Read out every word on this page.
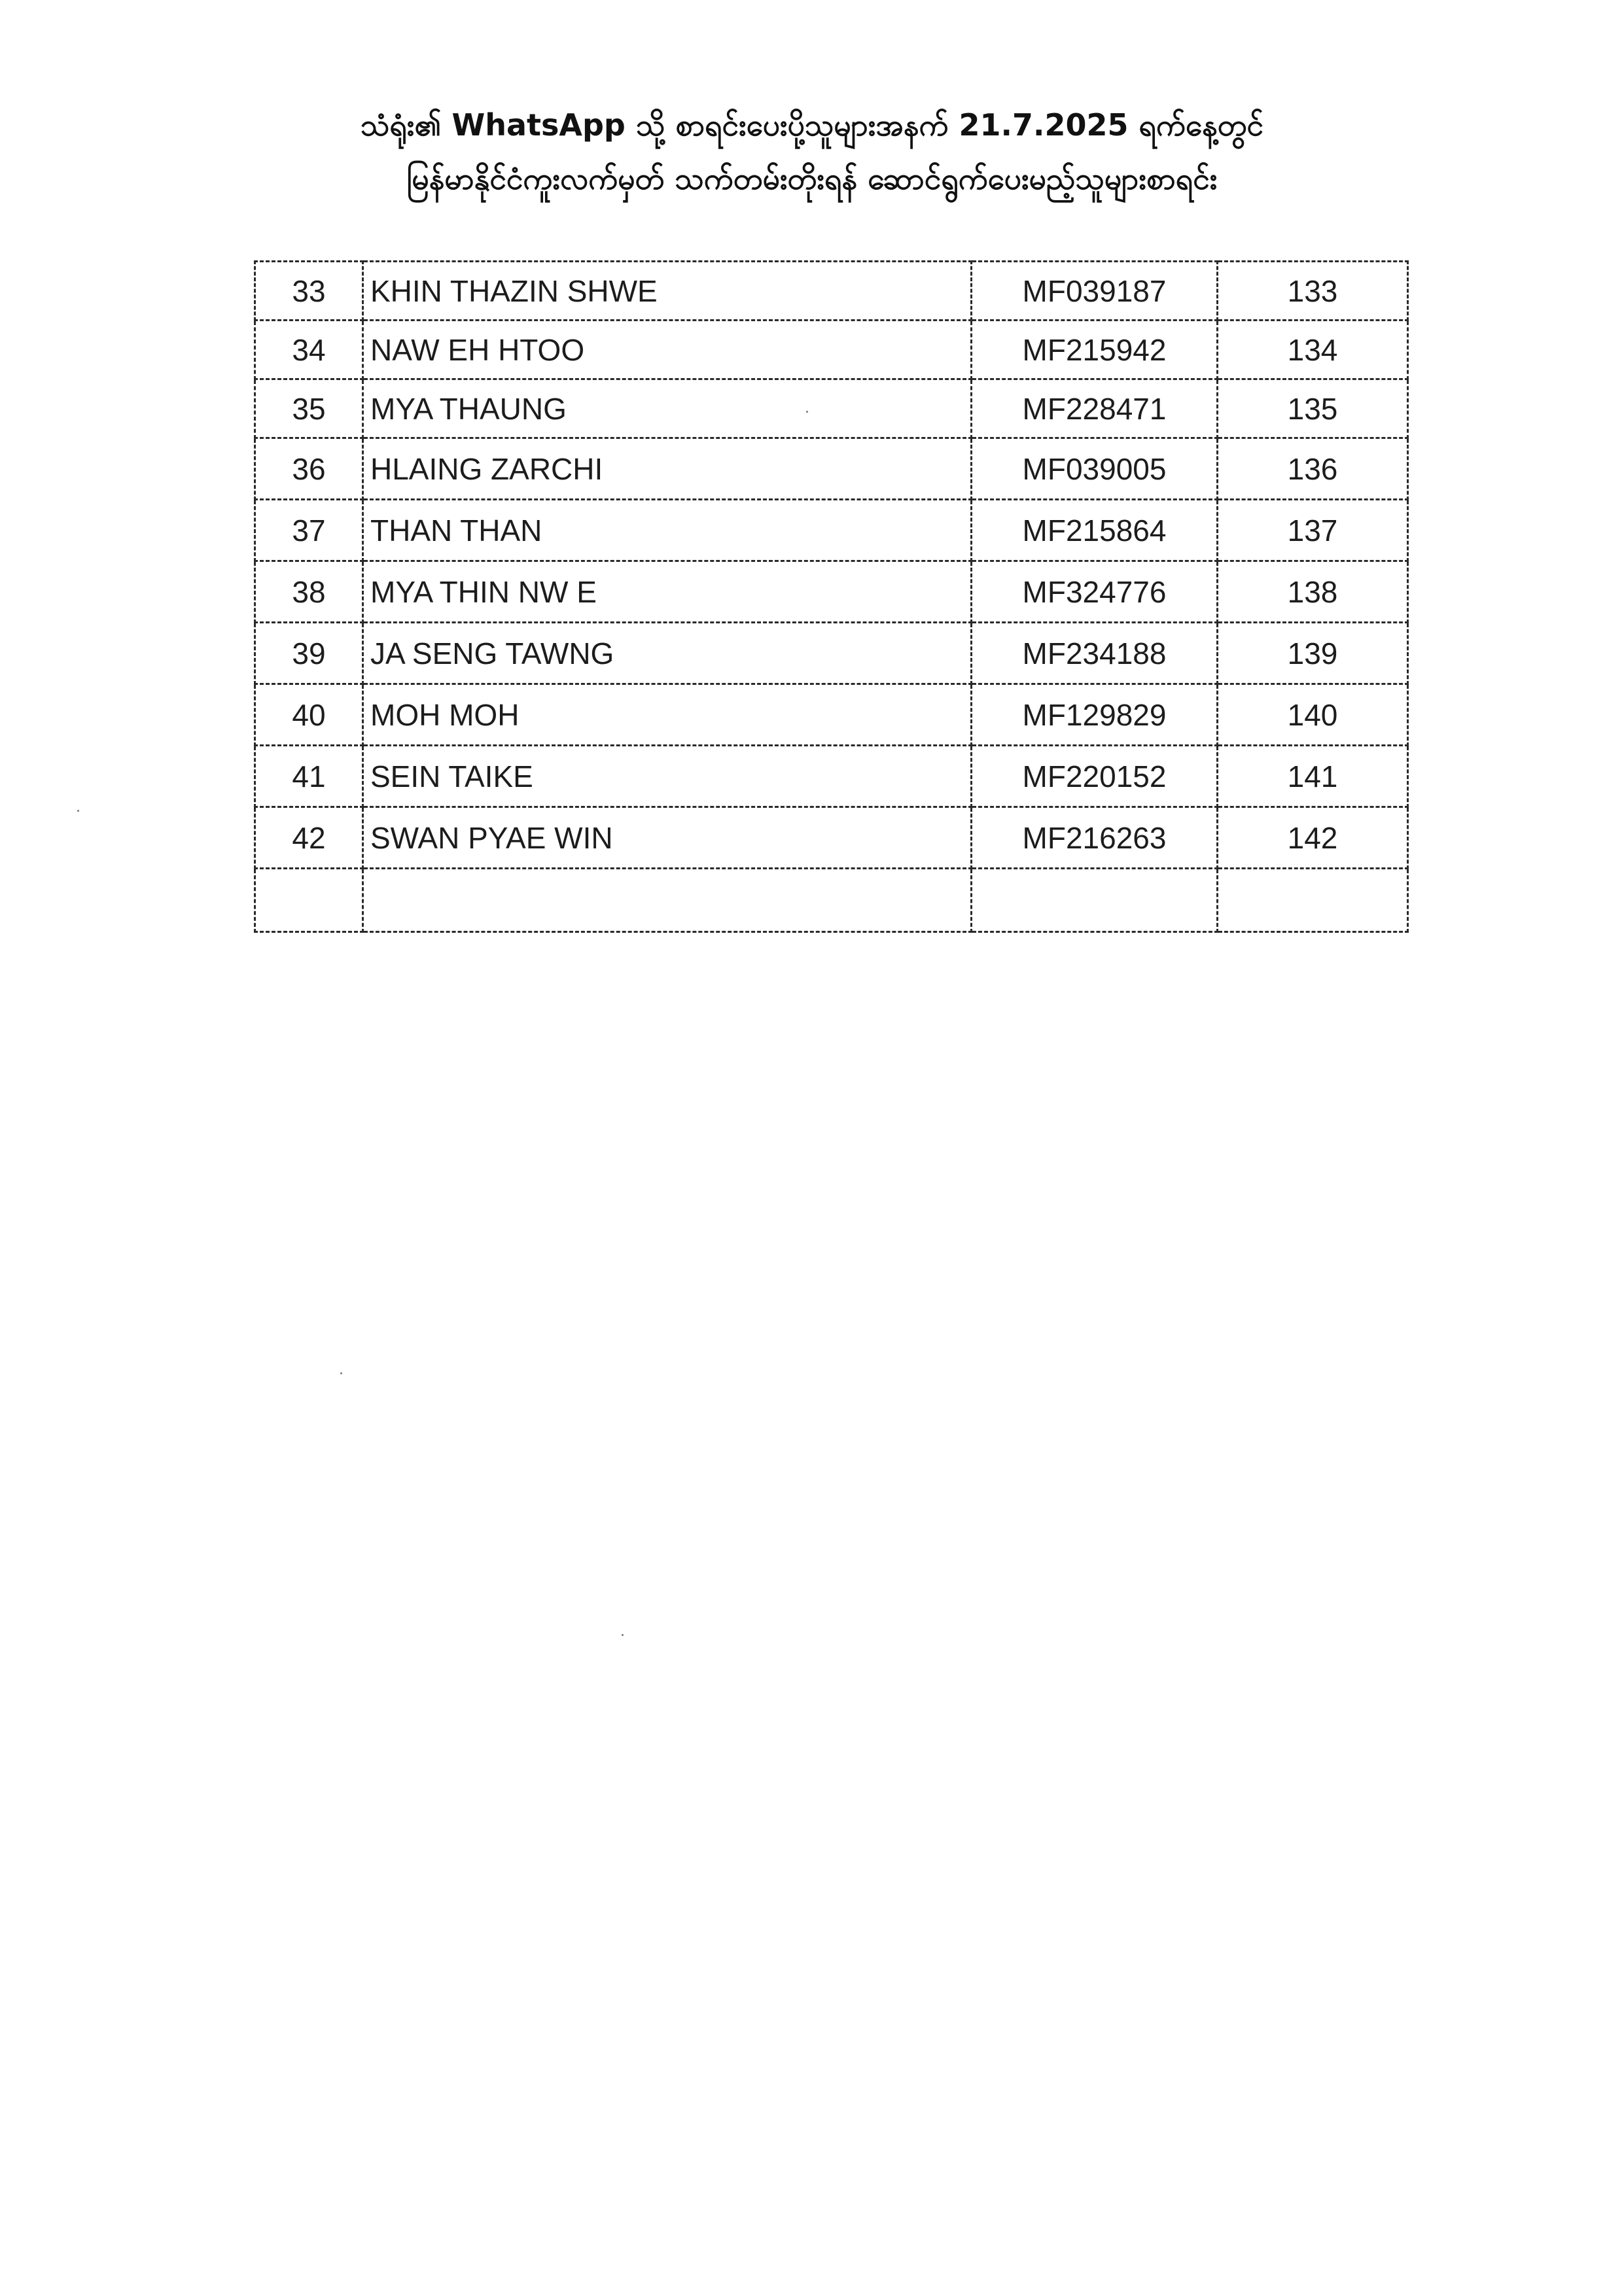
သံရုံး၏ WhatsApp သို့ စာရင်းပေးပို့သူများအနက် 21.7.2025 ရက်နေ့တွင်
မြန်မာနိုင်ငံကူးလက်မှတ် သက်တမ်းတိုးရန် ဆောင်ရွက်ပေးမည့်သူများစာရင်း
33	KHIN THAZIN SHWE	MF039187	133
34	NAW EH HTOO	MF215942	134
35	MYA THAUNG	MF228471	135
36	HLAING ZARCHI	MF039005	136
37	THAN THAN	MF215864	137
38	MYA THIN NW E	MF324776	138
39	JA SENG TAWNG	MF234188	139
40	MOH MOH	MF129829	140
41	SEIN TAIKE	MF220152	141
42	SWAN PYAE WIN	MF216263	142
